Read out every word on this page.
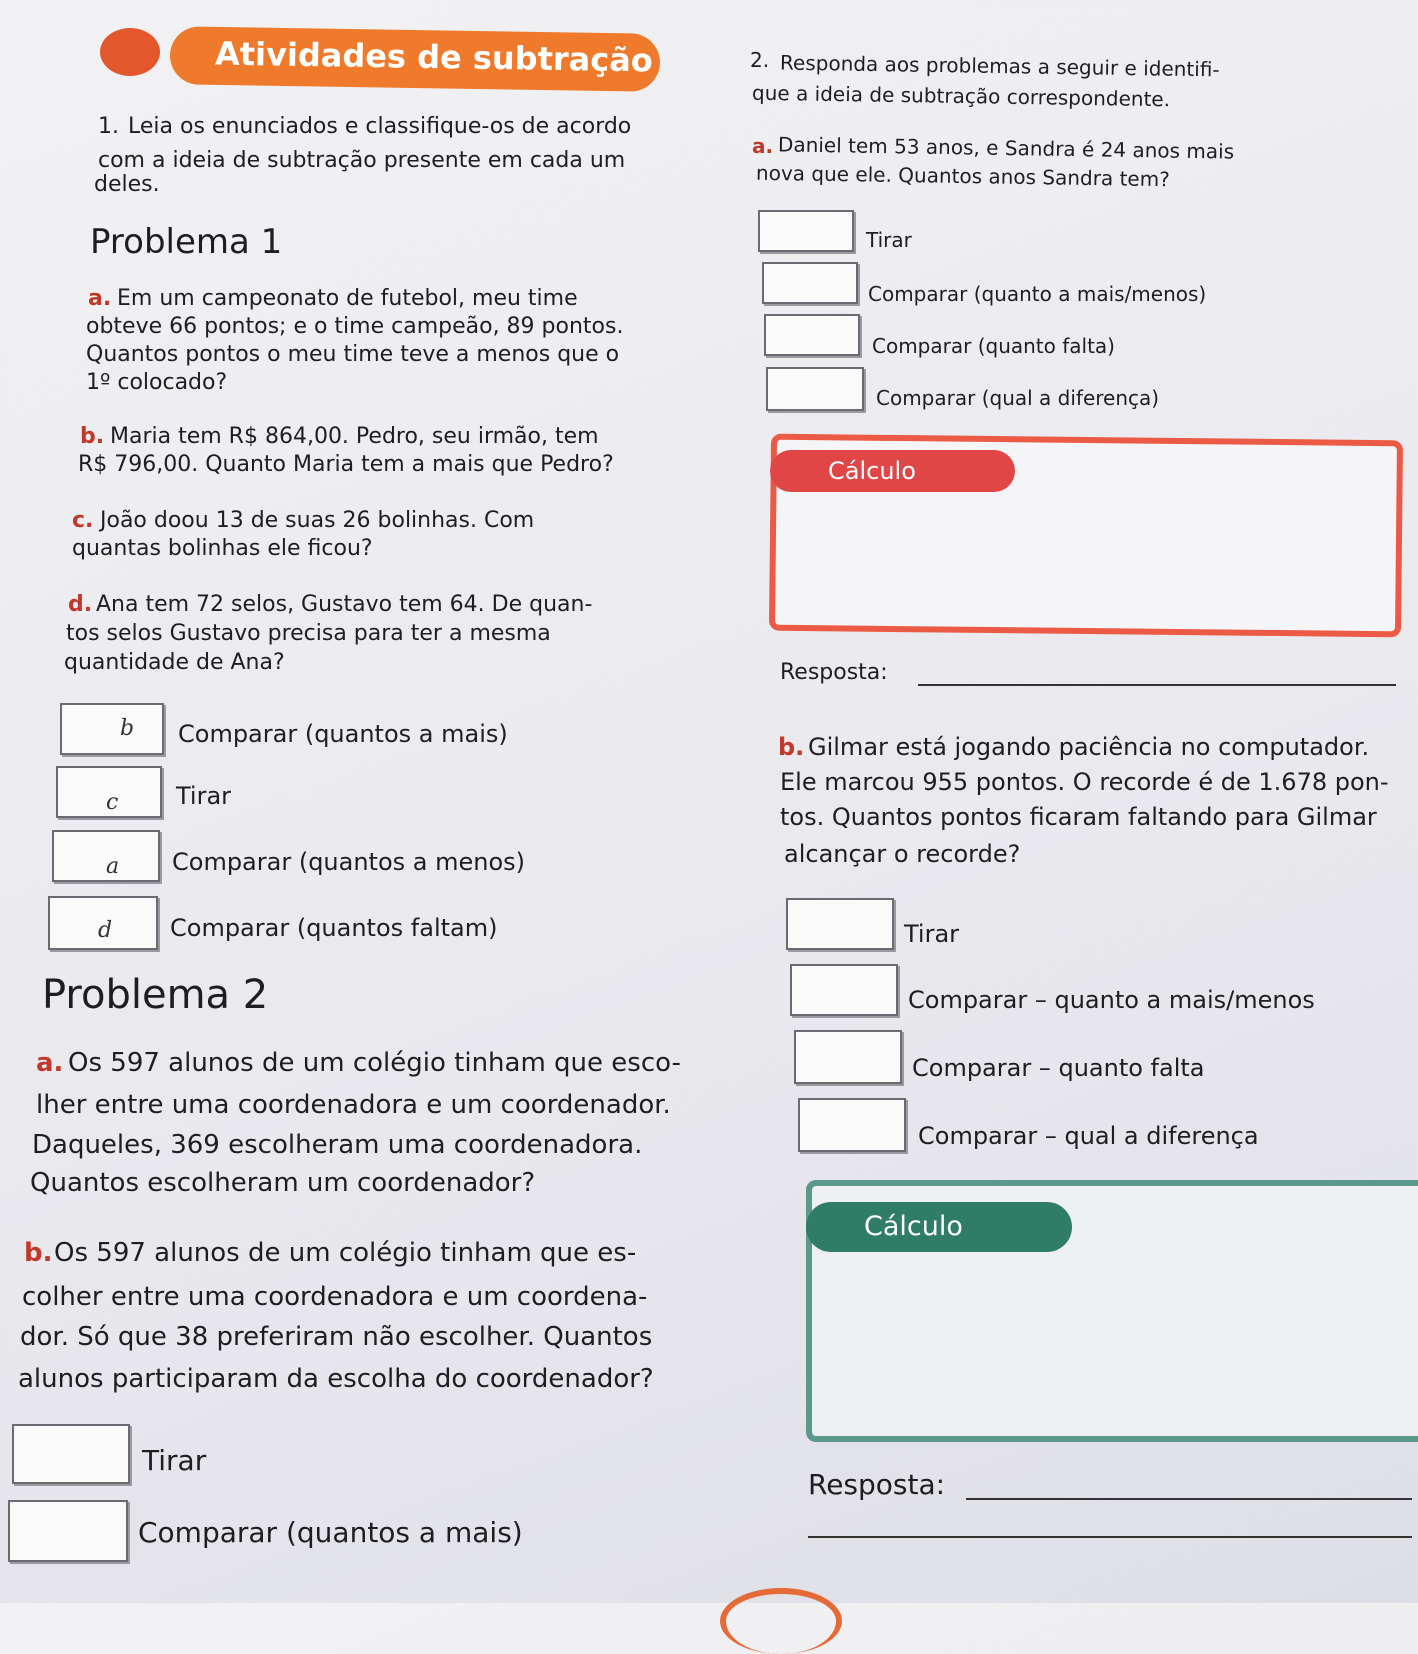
Atividades de subtração
1. Leia os enunciados e classifique-os de acordo
com a ideia de subtração presente em cada um
deles.
Problema 1
a. Em um campeonato de futebol, meu time
obteve 66 pontos; e o time campeão, 89 pontos.
Quantos pontos o meu time teve a menos que o
1º colocado?
b. Maria tem R$ 864,00. Pedro, seu irmão, tem
R$ 796,00. Quanto Maria tem a mais que Pedro?
c. João doou 13 de suas 26 bolinhas. Com
quantas bolinhas ele ficou?
d. Ana tem 72 selos, Gustavo tem 64. De quan-
tos selos Gustavo precisa para ter a mesma
quantidade de Ana?
b Comparar (quantos a mais)
c Tirar
a Comparar (quantos a menos)
d Comparar (quantos faltam)
Problema 2
a. Os 597 alunos de um colégio tinham que esco-
lher entre uma coordenadora e um coordenador.
Daqueles, 369 escolheram uma coordenadora.
Quantos escolheram um coordenador?
b. Os 597 alunos de um colégio tinham que es-
colher entre uma coordenadora e um coordena-
dor. Só que 38 preferiram não escolher. Quantos
alunos participaram da escolha do coordenador?
Tirar
Comparar (quantos a mais)
2. Responda aos problemas a seguir e identifi-
que a ideia de subtração correspondente.
a. Daniel tem 53 anos, e Sandra é 24 anos mais
nova que ele. Quantos anos Sandra tem?
Tirar
Comparar (quanto a mais/menos)
Comparar (quanto falta)
Comparar (qual a diferença)
Cálculo
Resposta:
b. Gilmar está jogando paciência no computador.
Ele marcou 955 pontos. O recorde é de 1.678 pon-
tos. Quantos pontos ficaram faltando para Gilmar
alcançar o recorde?
Tirar
Comparar – quanto a mais/menos
Comparar – quanto falta
Comparar – qual a diferença
Cálculo
Resposta:
